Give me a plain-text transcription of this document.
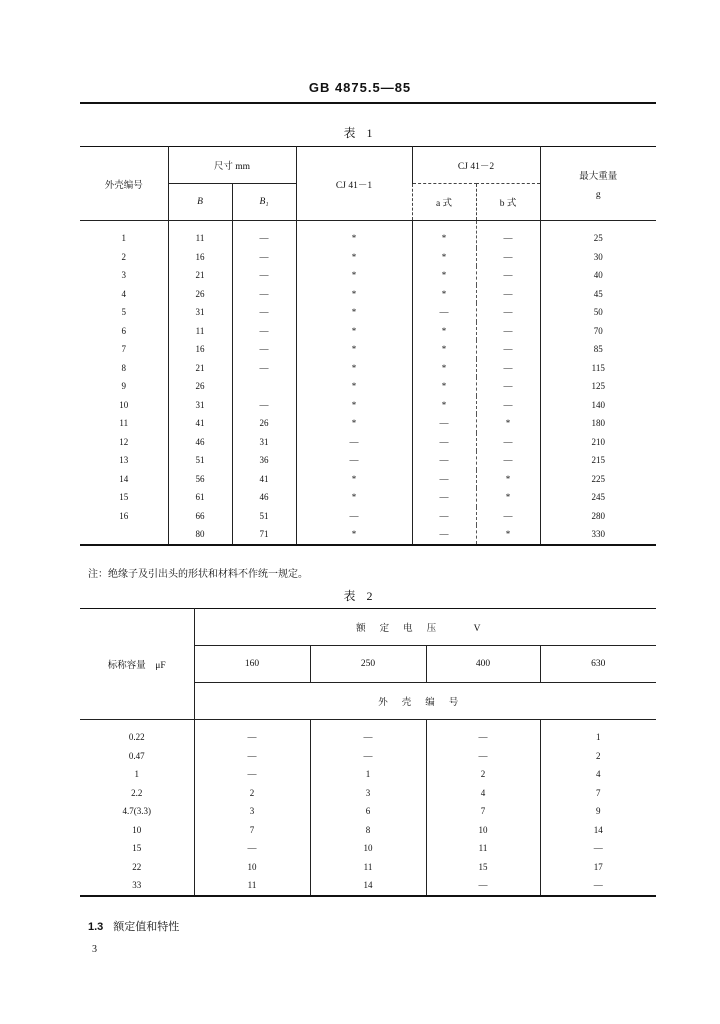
GB 4875.5—85
表 1
外壳编号	尺寸 mm		CJ 41－1	CJ 41－2		最大重量
g

	B	B₁		a 式	b 式	
1	11	—	*	*	—	25
2	16	—	*	*	—	30
3	21	—	*	*	—	40
4	26	—	*	*	—	45
5	31	—	*	—	—	50
6	11	—	*	*	—	70
7	16	—	*	*	—	85
8	21	—	*	*	—	115
9	26		*	*	—	125
10	31	—	*	*	—	140
11	41	26	*	—	*	180
12	46	31	—	—	—	210
13	51	36	—	—	—	215
14	56	41	*	—	*	225
15	61	46	*	—	*	245
16	66	51	—	—	—	280
	80	71	*	—	*	330
注：绝缘子及引出头的形状和材料不作统一规定。
表 2
标称容量　μF	额定电压　V			
	160	250	400	630
	外壳编号			
0.22	—	—	—	1
0.47	—	—	—	2
1	—	1	2	4
2.2	2	3	4	7
4.7(3.3)	3	6	7	9
10	7	8	10	14
15	—	10	11	—
22	10	11	15	17
33	11	14	—	—
1.3 额定值和特性
3
